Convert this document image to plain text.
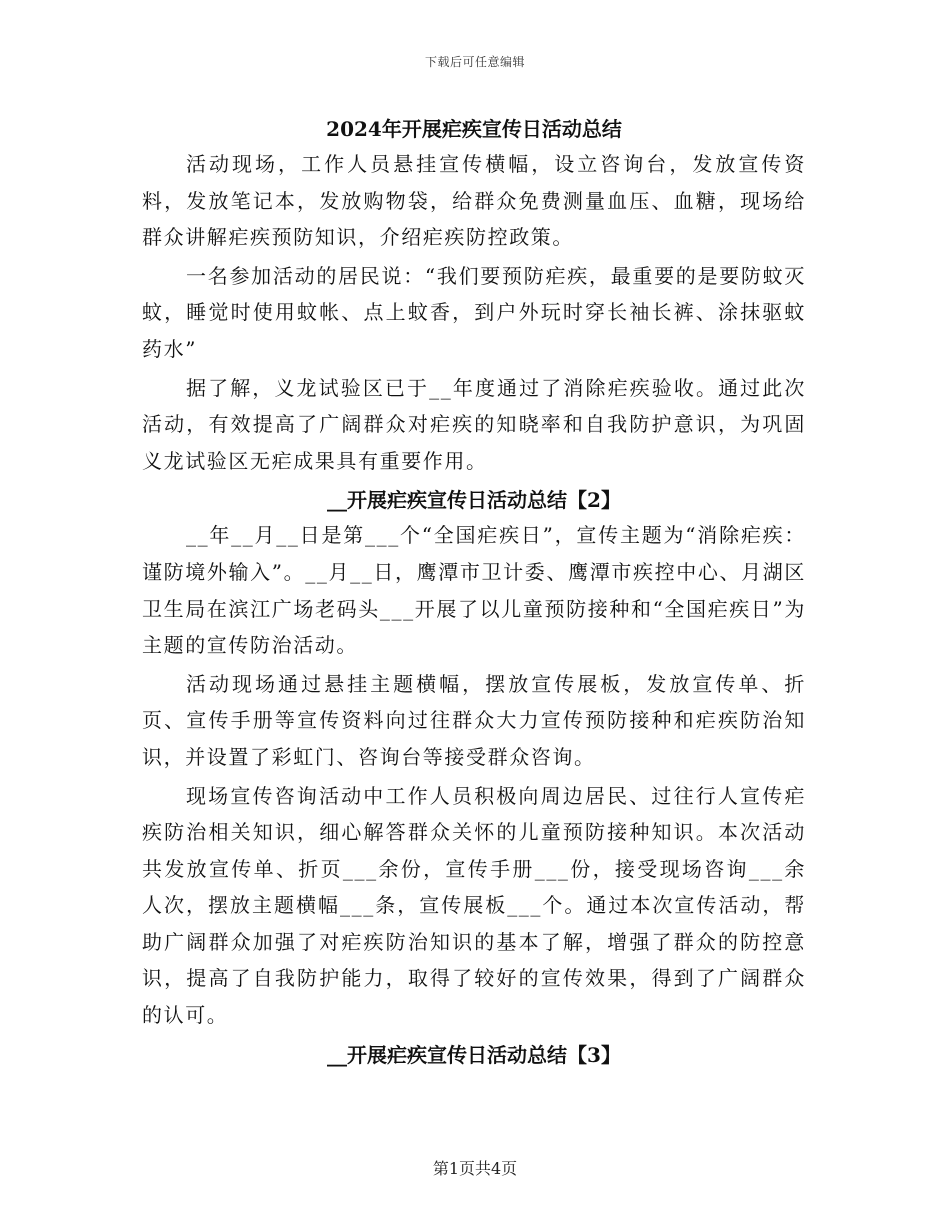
下载后可任意编辑
2024年开展疟疾宣传日活动总结

活动现场，工作人员悬挂宣传横幅，设立咨询台，发放宣传资料，发放笔记本，发放购物袋，给群众免费测量血压、血糖，现场给群众讲解疟疾预防知识，介绍疟疾防控政策。

一名参加活动的居民说：“我们要预防疟疾，最重要的是要防蚊灭蚊，睡觉时使用蚊帐、点上蚊香，到户外玩时穿长袖长裤、涂抹驱蚊药水”

据了解，义龙试验区已于__年度通过了消除疟疾验收。通过此次活动，有效提高了广阔群众对疟疾的知晓率和自我防护意识，为巩固义龙试验区无疟成果具有重要作用。

__开展疟疾宣传日活动总结【2】

__年__月__日是第___个“全国疟疾日”，宣传主题为“消除疟疾：谨防境外输入”。__月__日，鹰潭市卫计委、鹰潭市疾控中心、月湖区卫生局在滨江广场老码头___开展了以儿童预防接种和“全国疟疾日”为主题的宣传防治活动。

活动现场通过悬挂主题横幅，摆放宣传展板，发放宣传单、折页、宣传手册等宣传资料向过往群众大力宣传预防接种和疟疾防治知识，并设置了彩虹门、咨询台等接受群众咨询。

现场宣传咨询活动中工作人员积极向周边居民、过往行人宣传疟疾防治相关知识，细心解答群众关怀的儿童预防接种知识。本次活动共发放宣传单、折页___余份，宣传手册___份，接受现场咨询___余人次，摆放主题横幅___条，宣传展板___个。通过本次宣传活动，帮助广阔群众加强了对疟疾防治知识的基本了解，增强了群众的防控意识，提高了自我防护能力，取得了较好的宣传效果，得到了广阔群众的认可。

__开展疟疾宣传日活动总结【3】
第1页共4页
